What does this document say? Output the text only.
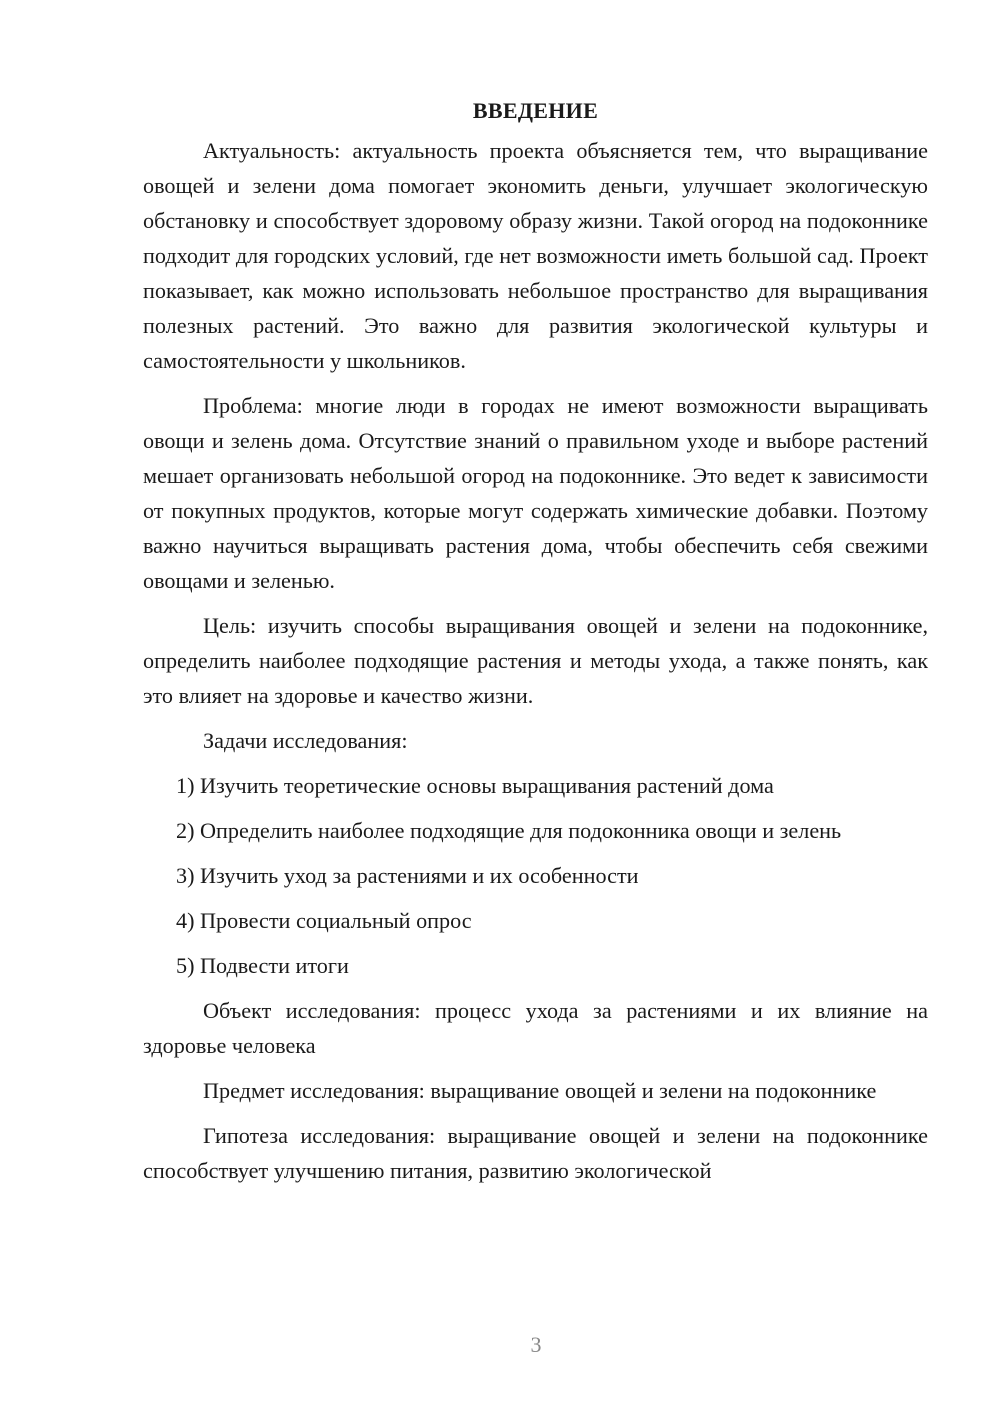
ВВЕДЕНИЕ

Актуальность: актуальность проекта объясняется тем, что выращивание овощей и зелени дома помогает экономить деньги, улучшает экологическую обстановку и способствует здоровому образу жизни. Такой огород на подоконнике подходит для городских условий, где нет возможности иметь большой сад. Проект показывает, как можно использовать небольшое пространство для выращивания полезных растений. Это важно для развития экологической культуры и самостоятельности у школьников.

Проблема: многие люди в городах не имеют возможности выращивать овощи и зелень дома. Отсутствие знаний о правильном уходе и выборе растений мешает организовать небольшой огород на подоконнике. Это ведет к зависимости от покупных продуктов, которые могут содержать химические добавки. Поэтому важно научиться выращивать растения дома, чтобы обеспечить себя свежими овощами и зеленью.

Цель: изучить способы выращивания овощей и зелени на подоконнике, определить наиболее подходящие растения и методы ухода, а также понять, как это влияет на здоровье и качество жизни.

Задачи исследования:

1) Изучить теоретические основы выращивания растений дома
2) Определить наиболее подходящие для подоконника овощи и зелень
3) Изучить уход за растениями и их особенности
4) Провести социальный опрос
5) Подвести итоги

Объект исследования: процесс ухода за растениями и их влияние на здоровье человека

Предмет исследования: выращивание овощей и зелени на подоконнике

Гипотеза исследования: выращивание овощей и зелени на подоконнике способствует улучшению питания, развитию экологической

3
